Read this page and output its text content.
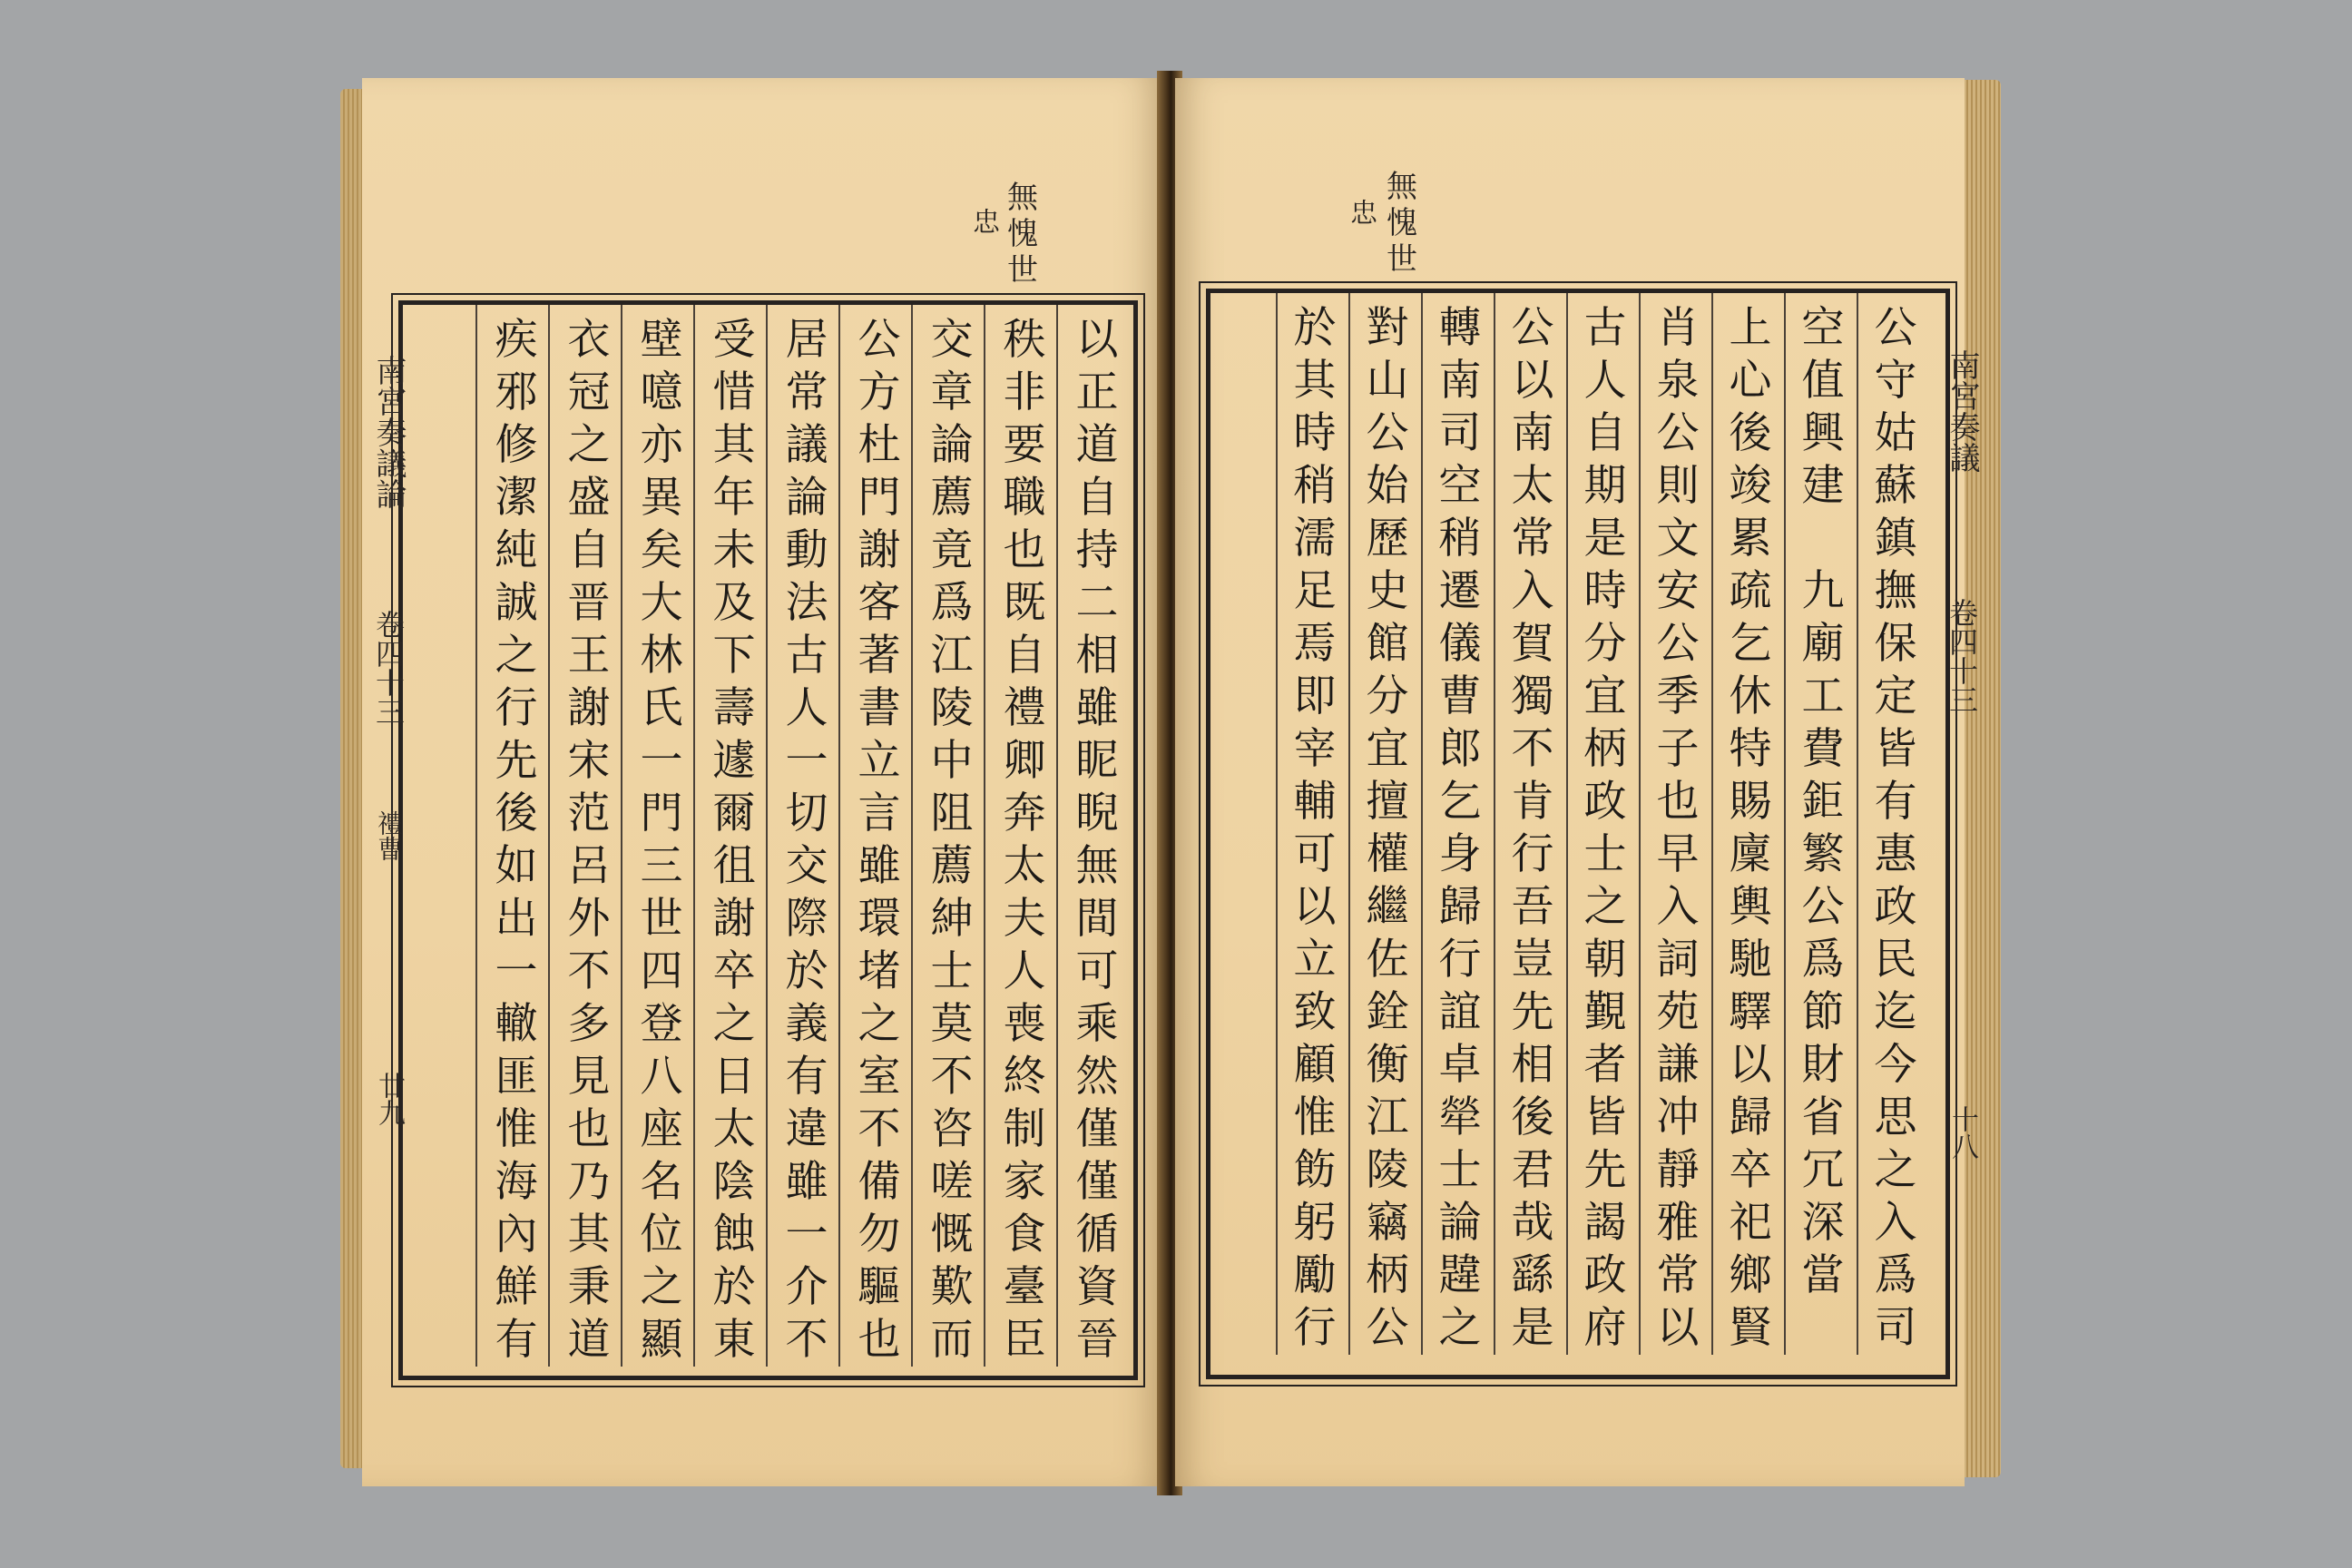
無愧世
忠
南宮奏議論
卷四十三
禮曹
廿九
以
正
道
自
持
二
相
雖
眤
睨
無
間
可
乘
然
僅
僅
循
資
晉
秩
非
要
職
也
既
自
禮
卿
奔
太
夫
人
喪
終
制
家
食
臺
臣
交
章
論
薦
竟
爲
江
陵
中
阻
薦
紳
士
莫
不
咨
嗟
慨
歎
而
公
方
杜
門
謝
客
著
書
立
言
雖
環
堵
之
室
不
備
勿
驅
也
居
常
議
論
動
法
古
人
一
切
交
際
於
義
有
違
雖
一
介
不
受
惜
其
年
未
及
下
壽
遽
爾
徂
謝
卒
之
日
太
陰
蝕
於
東
壁
噫
亦
異
矣
大
林
氏
一
門
三
世
四
登
八
座
名
位
之
顯
衣
冠
之
盛
自
晋
王
謝
宋
范
呂
外
不
多
見
也
乃
其
秉
道
疾
邪
修
潔
純
誠
之
行
先
後
如
出
一
轍
匪
惟
海
內
鮮
有
無愧世
忠
南宮奏議
卷四十三
十八
公
守
姑
蘇
鎮
撫
保
定
皆
有
惠
政
民
迄
今
思
之
入
爲
司
空
值
興
建

九
廟
工
費
鉅
繁
公
爲
節
財
省
冗
深
當
上
心
後
竣
累
疏
乞
休
特
賜
廩
輿
馳
驛
以
歸
卒
祀
鄉
賢
肖
泉
公
則
文
安
公
季
子
也
早
入
詞
苑
謙
冲
靜
雅
常
以
古
人
自
期
是
時
分
宜
柄
政
士
之
朝
覲
者
皆
先
謁
政
府
公
以
南
太
常
入
賀
獨
不
肯
行
吾
豈
先
相
後
君
哉
繇
是
轉
南
司
空
稍
遷
儀
曹
郎
乞
身
歸
行
誼
卓
犖
士
論
韙
之
對
山
公
始
歷
史
館
分
宜
擅
權
繼
佐
銓
衡
江
陵
竊
柄
公
於
其
時
稍
濡
足
焉
即
宰
輔
可
以
立
致
顧
惟
飭
躬
勵
行
